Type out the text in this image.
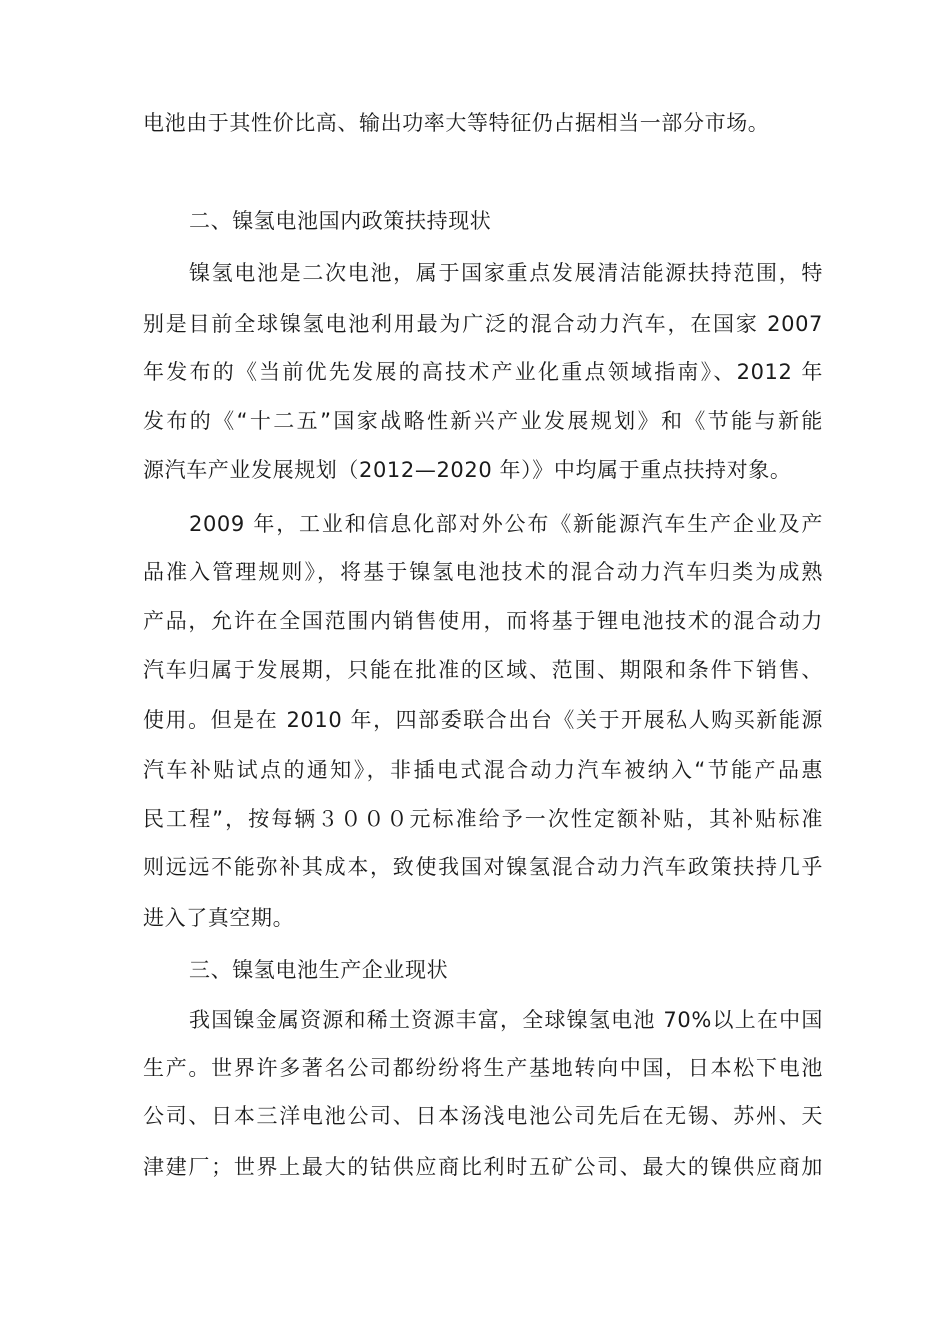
电池由于其性价比高、输出功率大等特征仍占据相当一部分市场。
二、镍氢电池国内政策扶持现状
镍氢电池是二次电池，属于国家重点发展清洁能源扶持范围，特
别是目前全球镍氢电池利用最为广泛的混合动力汽车，在国家 2007
年发布的《当前优先发展的高技术产业化重点领域指南》、2012 年
发布的《“十二五”国家战略性新兴产业发展规划》和《节能与新能
源汽车产业发展规划（2012—2020 年）》中均属于重点扶持对象。
2009 年，工业和信息化部对外公布《新能源汽车生产企业及产
品准入管理规则》，将基于镍氢电池技术的混合动力汽车归类为成熟
产品，允许在全国范围内销售使用，而将基于锂电池技术的混合动力
汽车归属于发展期，只能在批准的区域、范围、期限和条件下销售、
使用。但是在 2010 年，四部委联合出台《关于开展私人购买新能源
汽车补贴试点的通知》，非插电式混合动力汽车被纳入“节能产品惠
民工程”，按每辆３０００元标准给予一次性定额补贴，其补贴标准
则远远不能弥补其成本，致使我国对镍氢混合动力汽车政策扶持几乎
进入了真空期。
三、镍氢电池生产企业现状
我国镍金属资源和稀土资源丰富，全球镍氢电池 70%以上在中国
生产。世界许多著名公司都纷纷将生产基地转向中国，日本松下电池
公司、日本三洋电池公司、日本汤浅电池公司先后在无锡、苏州、天
津建厂；世界上最大的钴供应商比利时五矿公司、最大的镍供应商加
